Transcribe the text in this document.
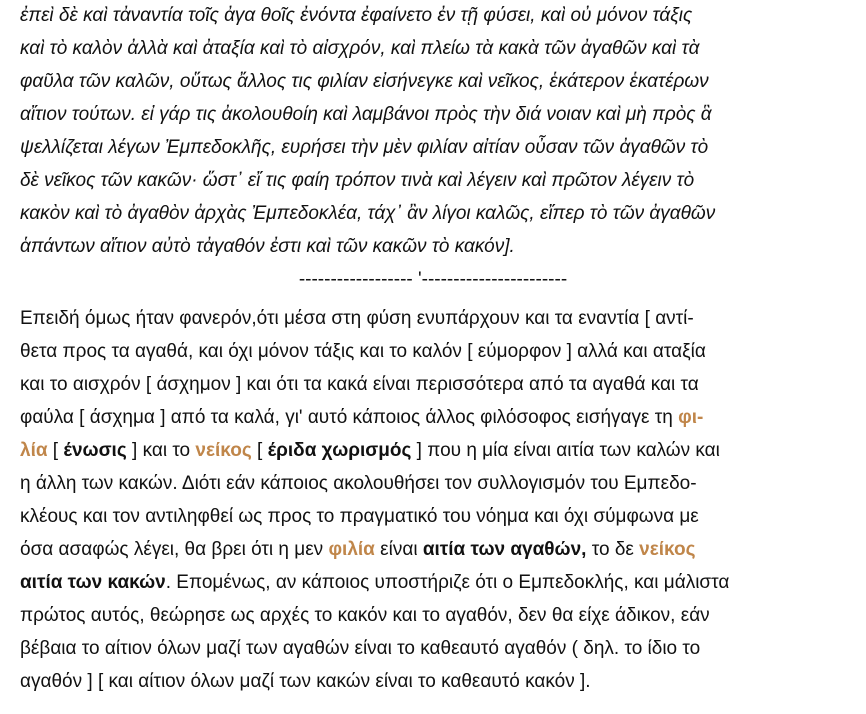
ἐπεὶ δὲ καὶ τἀναντία τοῖς ἀγα θοῖς ἐνόντα ἐφαίνετο ἐν τῇ φύσει, καὶ οὐ μόνον τάξις
καὶ τὸ καλὸν ἀλλὰ καὶ ἀταξία καὶ τὸ αἰσχρόν, καὶ πλείω τὰ κακὰ τῶν ἀγαθῶν καὶ τὰ
φαῦλα τῶν καλῶν, οὕτως ἄλλος τις φιλίαν εἰσήνεγκε καὶ νεῖκος, ἑκάτερον ἑκατέρων
αἴτιον τούτων. εἰ γάρ τις ἀκολουθοίη καὶ λαμβάνοι πρὸς τὴν διά νοιαν καὶ μὴ πρὸς ἃ
ψελλίζεται λέγων Ἐμπεδοκλῆς, ευρήσει τὴν μὲν φιλίαν αἰτίαν οὖσαν τῶν ἀγαθῶν τὸ
δὲ νεῖκος τῶν κακῶν· ὥστ᾽ εἴ τις φαίη τρόπον τινὰ καὶ λέγειν καὶ πρῶτον λέγειν τὸ
κακὸν καὶ τὸ ἀγαθὸν ἀρχὰς Ἐμπεδοκλέα, τάχ᾽ ἂν λίγοι καλῶς, εἴπερ τὸ τῶν ἀγαθῶν
ἁπάντων αἴτιον αὐτὸ τἀγαθόν ἐστι καὶ τῶν κακῶν τὸ κακόν].
------------------ '-----------------------
Επειδή όμως ήταν φανερόν,ότι μέσα στη φύση ενυπάρχουν και τα εναντία [ αντί-
θετα προς τα αγαθά, και όχι μόνον τάξις και το καλόν [ εύμορφον ] αλλά και αταξία
και το αισχρόν [ άσχημον ] και ότι τα κακά είναι περισσότερα από τα αγαθά και τα
φαύλα [ άσχημα ] από τα καλά, γι' αυτό κάποιος άλλος φιλόσοφος εισήγαγε τη φι-
λία [ ένωσις ] και το νείκος [ έριδα χωρισμός ] που η μία είναι αιτία των καλών και
η άλλη των κακών. Διότι εάν κάποιος ακολουθήσει τον συλλογισμόν του Εμπεδο-
κλέους και τον αντιληφθεί ως προς το πραγματικό του νόημα και όχι σύμφωνα με
όσα ασαφώς λέγει, θα βρει ότι η μεν φιλία είναι αιτία των αγαθών, το δε νείκος
αιτία των κακών. Επομένως, αν κάποιος υποστήριζε ότι ο Εμπεδοκλής, και μάλιστα
πρώτος αυτός, θεώρησε ως αρχές το κακόν και το αγαθόν, δεν θα είχε άδικον, εάν
βέβαια το αίτιον όλων μαζί των αγαθών είναι το καθεαυτό αγαθόν ( δηλ. το ίδιο το
αγαθόν ] [ και αίτιον όλων μαζί των κακών είναι το καθεαυτό κακόν ].
